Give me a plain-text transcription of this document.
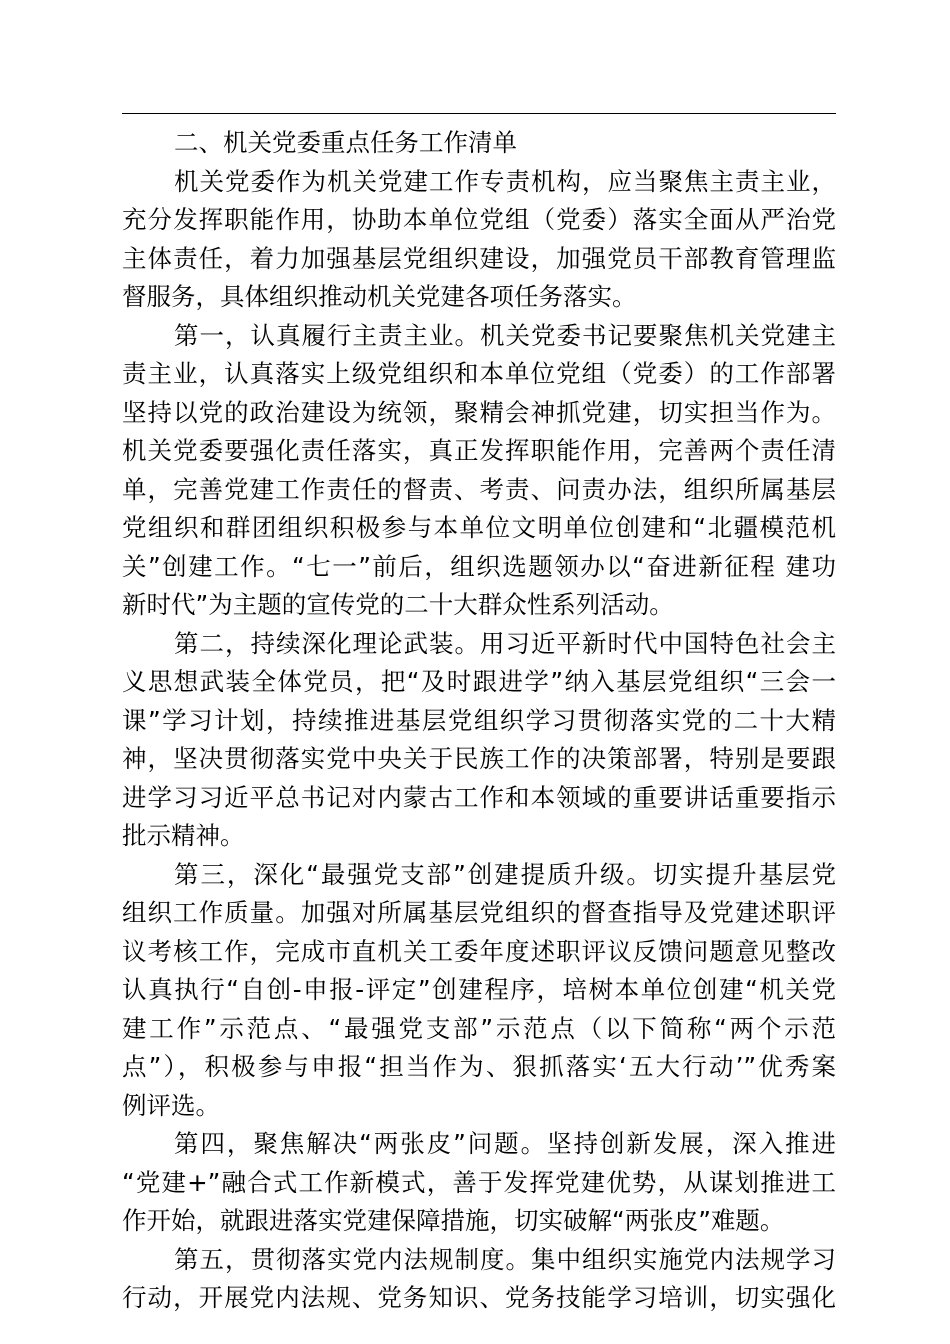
二、机关党委重点任务工作清单
机关党委作为机关党建工作专责机构，应当聚焦主责主业，
充分发挥职能作用，协助本单位党组（党委）落实全面从严治党
主体责任，着力加强基层党组织建设，加强党员干部教育管理监
督服务，具体组织推动机关党建各项任务落实。
第一，认真履行主责主业。机关党委书记要聚焦机关党建主
责主业，认真落实上级党组织和本单位党组（党委）的工作部署
坚持以党的政治建设为统领，聚精会神抓党建，切实担当作为。
机关党委要强化责任落实，真正发挥职能作用，完善两个责任清
单，完善党建工作责任的督责、考责、问责办法，组织所属基层
党组织和群团组织积极参与本单位文明单位创建和“北疆模范机
关”创建工作。“七一”前后，组织选题领办以“奋进新征程 建功
新时代”为主题的宣传党的二十大群众性系列活动。
第二，持续深化理论武装。用习近平新时代中国特色社会主
义思想武装全体党员，把“及时跟进学”纳入基层党组织“三会一
课”学习计划，持续推进基层党组织学习贯彻落实党的二十大精
神，坚决贯彻落实党中央关于民族工作的决策部署，特别是要跟
进学习习近平总书记对内蒙古工作和本领域的重要讲话重要指示
批示精神。
第三，深化“最强党支部”创建提质升级。切实提升基层党
组织工作质量。加强对所属基层党组织的督查指导及党建述职评
议考核工作，完成市直机关工委年度述职评议反馈问题意见整改
认真执行“自创-申报-评定”创建程序，培树本单位创建“机关党
建工作”示范点、“最强党支部”示范点（以下简称“两个示范
点”），积极参与申报“担当作为、狠抓落实‘五大行动’”优秀案
例评选。
第四，聚焦解决“两张皮”问题。坚持创新发展，深入推进
“党建+”融合式工作新模式，善于发挥党建优势，从谋划推进工
作开始，就跟进落实党建保障措施，切实破解“两张皮”难题。
第五，贯彻落实党内法规制度。集中组织实施党内法规学习
行动，开展党内法规、党务知识、党务技能学习培训，切实强化
